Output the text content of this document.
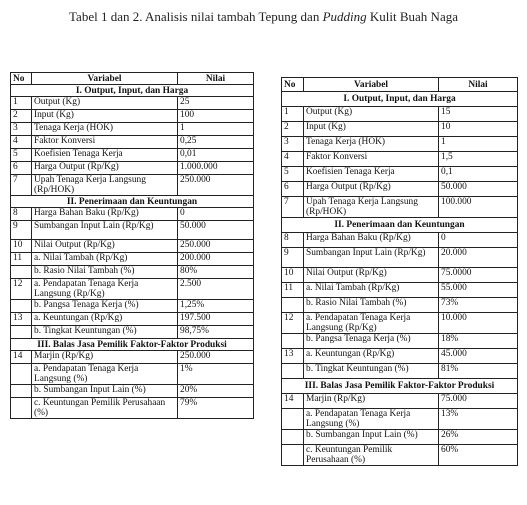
Tabel 1 dan 2. Analisis nilai tambah Tepung dan Pudding Kulit Buah Naga
No	Variabel	Nilai
I. Output, Input, dan Harga		
1	Output (Kg)	25
2	Input (Kg)	100
3	Tenaga Kerja (HOK)	1
4	Faktor Konversi	0,25
5	Koefisien Tenaga Kerja	0,01
6	Harga Output (Rp/Kg)	1.000.000
7	Upah Tenaga Kerja Langsung (Rp/HOK)	250.000
II. Penerimaan dan Keuntungan		
8	Harga Bahan Baku (Rp/Kg)	0
9	Sumbangan Input Lain (Rp/Kg)	50.000
10	Nilai Output (Rp/Kg)	250.000
11	a. Nilai Tambah (Rp/Kg)	200.000
	b. Rasio Nilai Tambah (%)	80%
12	a. Pendapatan Tenaga Kerja Langsung (Rp/Kg)	2.500
	b. Pangsa Tenaga Kerja (%)	1,25%
13	a. Keuntungan (Rp/Kg)	197.500
	b. Tingkat Keuntungan (%)	98,75%
III. Balas Jasa Pemilik Faktor-Faktor Produksi		
14	Marjin (Rp/Kg)	250.000
	a. Pendapatan Tenaga Kerja Langsung (%)	1%
	b. Sumbangan Input Lain (%)	20%
	c. Keuntungan Pemilik Perusahaan (%)	79%
No	Variabel	Nilai
I. Output, Input, dan Harga		
1	Output (Kg)	15
2	Input (Kg)	10
3	Tenaga Kerja (HOK)	1
4	Faktor Konversi	1,5
5	Koefisien Tenaga Kerja	0,1
6	Harga Output (Rp/Kg)	50.000
7	Upah Tenaga Kerja Langsung (Rp/HOK)	100.000
II. Penerimaan dan Keuntungan		
8	Harga Bahan Baku (Rp/Kg)	0
9	Sumbangan Input Lain (Rp/Kg)	20.000
10	Nilai Output (Rp/Kg)	75.0000
11	a. Nilai Tambah (Rp/Kg)	55.000
	b. Rasio Nilai Tambah (%)	73%
12	a. Pendapatan Tenaga Kerja Langsung (Rp/Kg)	10.000
	b. Pangsa Tenaga Kerja (%)	18%
13	a. Keuntungan (Rp/Kg)	45.000
	b. Tingkat Keuntungan (%)	81%
III. Balas Jasa Pemilik Faktor-Faktor Produksi		
14	Marjin (Rp/Kg)	75.000
	a. Pendapatan Tenaga Kerja Langsung (%)	13%
	b. Sumbangan Input Lain (%)	26%
	c. Keuntungan Pemilik Perusahaan (%)	60%
